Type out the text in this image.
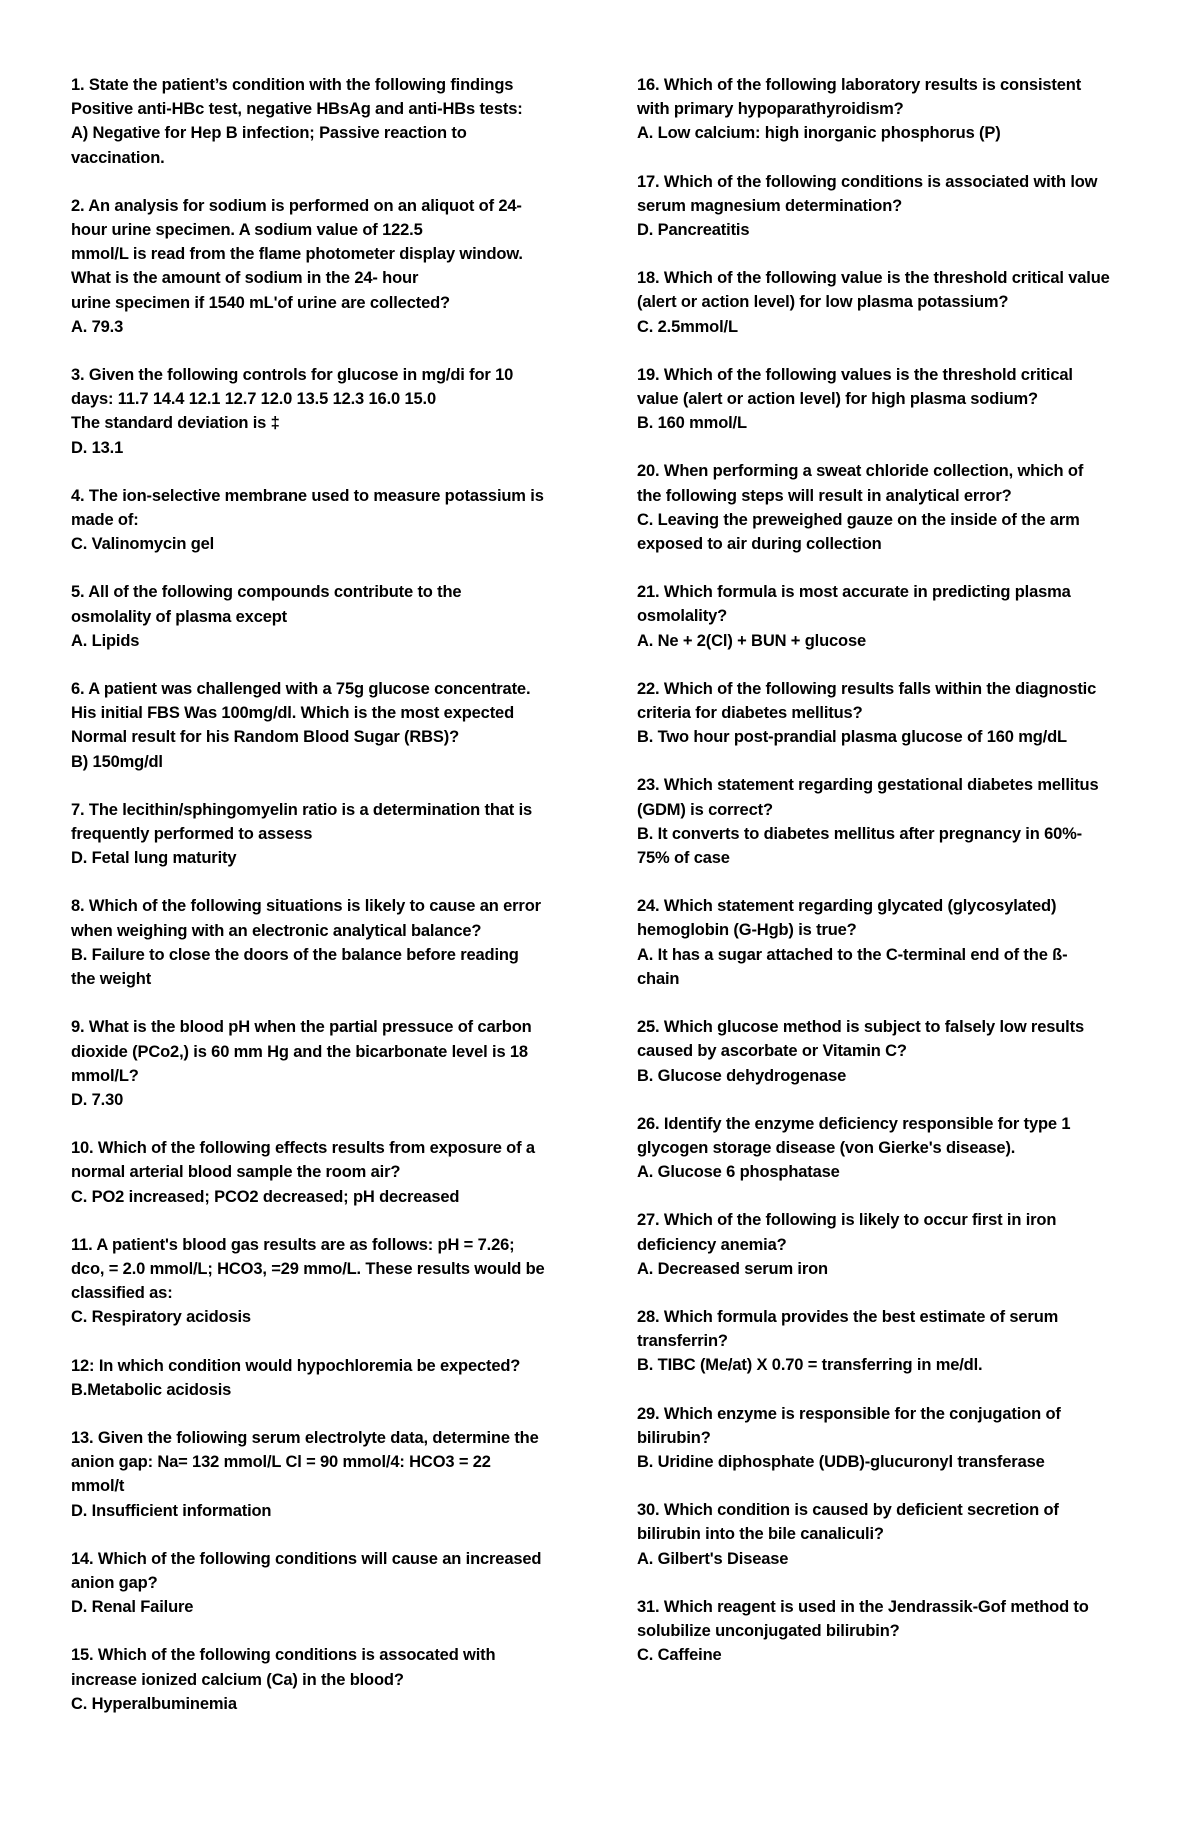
1. State the patient’s condition with the following findings
Positive anti-HBc test, negative HBsAg and anti-HBs tests:
A) Negative for Hep B infection; Passive reaction to
vaccination.
2. An analysis for sodium is performed on an aliquot of 24-
hour urine specimen. A sodium value of 122.5
mmol/L is read from the flame photometer display window.
What is the amount of sodium in the 24- hour
urine specimen if 1540 mL'of urine are collected?
A. 79.3
3. Given the following controls for glucose in mg/di for 10
days: 11.7 14.4 12.1 12.7 12.0 13.5 12.3 16.0 15.0
The standard deviation is ‡
D. 13.1
4. The ion-selective membrane used to measure potassium is
made of:
C. Valinomycin gel
5. All of the following compounds contribute to the
osmolality of plasma except
A. Lipids
6. A patient was challenged with a 75g glucose concentrate.
His initial FBS Was 100mg/dl. Which is the most expected
Normal result for his Random Blood Sugar (RBS)?
B) 150mg/dl
7. The lecithin/sphingomyelin ratio is a determination that is
frequently performed to assess
D. Fetal lung maturity
8. Which of the following situations is likely to cause an error
when weighing with an electronic analytical balance?
B. Failure to close the doors of the balance before reading
the weight
9. What is the blood pH when the partial pressuce of carbon
dioxide (PCo2,) is 60 mm Hg and the bicarbonate level is 18
mmol/L?
D. 7.30
10. Which of the following effects results from exposure of a
normal arterial blood sample the room air?
C. PO2 increased; PCO2 decreased; pH decreased
11. A patient's blood gas results are as follows: pH = 7.26;
dco, = 2.0 mmol/L; HCO3, =29 mmo/L. These results would be
classified as:
C. Respiratory acidosis
12: In which condition would hypochloremia be expected?
B.Metabolic acidosis
13. Given the foliowing serum electrolyte data, determine the
anion gap: Na= 132 mmol/L Cl = 90 mmol/4: HCO3 = 22
mmol/t
D. Insufficient information
14. Which of the following conditions will cause an increased
anion gap?
D. Renal Failure
15. Which of the following conditions is assocated with
increase ionized calcium (Ca) in the blood?
C. Hyperalbuminemia
16. Which of the following laboratory results is consistent
with primary hypoparathyroidism?
A. Low calcium: high inorganic phosphorus (P)
17. Which of the following conditions is associated with low
serum magnesium determination?
D. Pancreatitis
18. Which of the following value is the threshold critical value
(alert or action level) for low plasma potassium?
C. 2.5mmol/L
19. Which of the following values is the threshold critical
value (alert or action level) for high plasma sodium?
B. 160 mmol/L
20. When performing a sweat chloride collection, which of
the following steps will result in analytical error?
C. Leaving the preweighed gauze on the inside of the arm
exposed to air during collection
21. Which formula is most accurate in predicting plasma
osmolality?
A. Ne + 2(Cl) + BUN + glucose
22. Which of the following results falls within the diagnostic
criteria for diabetes mellitus?
B. Two hour post-prandial plasma glucose of 160 mg/dL
23. Which statement regarding gestational diabetes mellitus
(GDM) is correct?
B. It converts to diabetes mellitus after pregnancy in 60%-
75% of case
24. Which statement regarding glycated (glycosylated)
hemoglobin (G-Hgb) is true?
A. It has a sugar attached to the C-terminal end of the ß-
chain
25. Which glucose method is subject to falsely low results
caused by ascorbate or Vitamin C?
B. Glucose dehydrogenase
26. Identify the enzyme deficiency responsible for type 1
glycogen storage disease (von Gierke's disease).
A. Glucose 6 phosphatase
27. Which of the following is likely to occur first in iron
deficiency anemia?
A. Decreased serum iron
28. Which formula provides the best estimate of serum
transferrin?
B. TIBC (Me/at) X 0.70 = transferring in me/dl.
29. Which enzyme is responsible for the conjugation of
bilirubin?
B. Uridine diphosphate (UDB)-glucuronyl transferase
30. Which condition is caused by deficient secretion of
bilirubin into the bile canaliculi?
A. Gilbert's Disease
31. Which reagent is used in the Jendrassik-Gof method to
solubilize unconjugated bilirubin?
C. Caffeine
